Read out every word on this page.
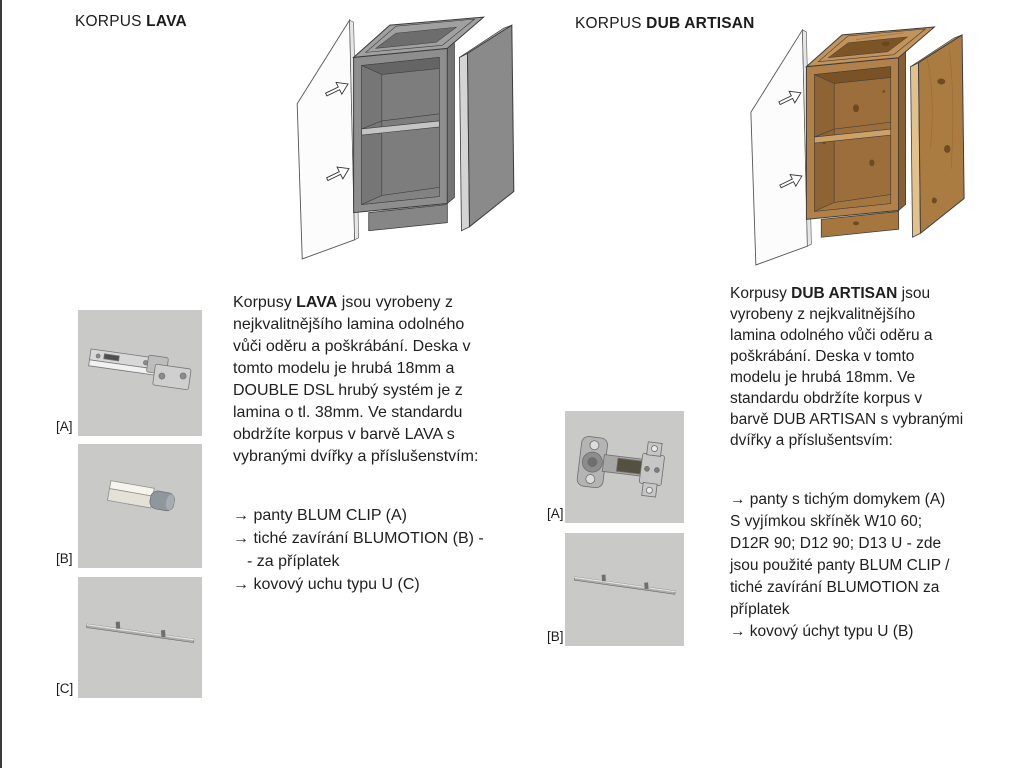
KORPUS LAVA
[A]
[B]
[C]
Korpusy LAVA jsou vyrobeny z
nejkvalitnějšího lamina odolného
vůči oděru a poškrábání. Deska v
tomto modelu je hrubá 18mm a
DOUBLE DSL hrubý systém je z
lamina o tl. 38mm. Ve standardu
obdržíte korpus v barvě LAVA s
vybranými dvířky a příslušenstvím:
→ panty BLUM CLIP (A)
→ tiché zavírání BLUMOTION (B) -
- za příplatek
→ kovový uchu typu U (C)
KORPUS DUB ARTISAN
[A]
[B]
Korpusy DUB ARTISAN jsou
vyrobeny z nejkvalitnějšího
lamina odolného vůči oděru a
poškrábání. Deska v tomto
modelu je hrubá 18mm. Ve
standardu obdržíte korpus v
barvě DUB ARTISAN s vybranými
dvířky a příslušentsvím:
→ panty s tichým domykem (A)
S vyjímkou skříněk W10 60;
D12R 90; D12 90; D13 U - zde
jsou použité panty BLUM CLIP /
tiché zavírání BLUMOTION za
příplatek
→ kovový úchyt typu U (B)
